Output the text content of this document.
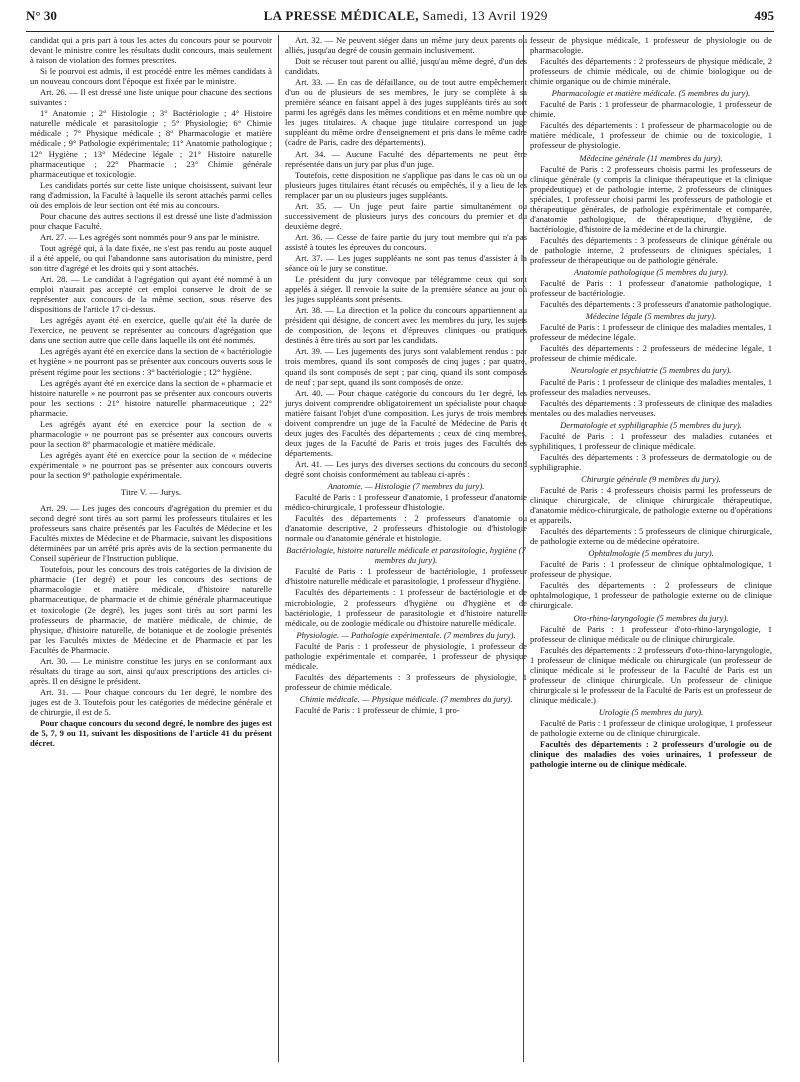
N° 30	LA PRESSE MÉDICALE, Samedi, 13 Avril 1929	495

candidat qui a pris part à tous les actes du concours pour se pourvoir devant le ministre contre les résultats dudit concours, mais seulement à raison de violation des formes prescrites.

Si le pourvoi est admis, il est procédé entre les mêmes candidats à un nouveau concours dont l'époque est fixée par le ministre.

Art. 26. — Il est dressé une liste unique pour chacune des sections suivantes :

1° Anatomie ; 2° Histologie ; 3° Bactériologie ; 4° Histoire naturelle médicale et parasitologie ; 5° Physiologie; 6° Chimie médicale ; 7° Physique médicale ; 8° Pharmacologie et matière médicale ; 9° Pathologie expérimentale; 11° Anatomie pathologique ; 12° Hygiène ; 13° Médecine légale ; 21° Histoire naturelle pharmaceutique ; 22° Pharmacie ; 23° Chimie générale pharmaceutique et toxicologie.

Les candidats portés sur cette liste unique choisissent, suivant leur rang d'admission, la Faculté à laquelle ils seront attachés parmi celles où des emplois de leur section ont été mis au concours.

Pour chacune des autres sections il est dressé une liste d'admission pour chaque Faculté.

Art. 27. — Les agrégés sont nommés pour 9 ans par le ministre.

Tout agrégé qui, à la date fixée, ne s'est pas rendu au poste auquel il a été appelé, ou qui l'abandonne sans autorisation du ministre, perd son titre d'agrégé et les droits qui y sont attachés.

Art. 28. — Le candidat à l'agrégation qui ayant été nommé à un emploi n'aurait pas accepté cet emploi conserve le droit de se représenter aux concours de la même section, sous réserve des dispositions de l'article 17 ci-dessus.

Les agrégés ayant été en exercice, quelle qu'ait été la durée de l'exercice, ne peuvent se représenter au concours d'agrégation que dans une section autre que celle dans laquelle ils ont été nommés.

Les agrégés ayant été en exercice dans la section de « bactériologie et hygiène » ne pourront pas se présenter aux concours ouverts sous le présent régime pour les sections : 3° bactériologie ; 12° hygiène.

Les agrégés ayant été en exercice dans la section de « pharmacie et histoire naturelle » ne pourront pas se présenter aux concours ouverts pour les sections : 21° histoire naturelle pharmaceutique ; 22° pharmacie.

Les agrégés ayant été en exercice pour la section de « pharmacologie » ne pourront pas se présenter aux concours ouverts pour la section 8° pharmacologie et matière médicale.

Les agrégés ayant été en exercice pour la section de « médecine expérimentale » ne pourront pas se présenter aux concours ouverts pour la section 9° pathologie expérimentale.

Titre V. — Jurys.

Art. 29. — Les juges des concours d'agrégation du premier et du second degré sont tirés au sort parmi les professeurs titulaires et les professeurs sans chaire présentés par les Facultés de Médecine et les Facultés mixtes de Médecine et de Pharmacie, suivant les dispositions déterminées par un arrêté pris après avis de la section permanente du Conseil supérieur de l'Instruction publique.

Toutefois, pour les concours des trois catégories de la division de pharmacie (1er degré) et pour les concours des sections de pharmacologie et matière médicale, d'histoire naturelle pharmaceutique, de pharmacie et de chimie générale pharmaceutique et toxicologie (2e degré), les juges sont tirés au sort parmi les professeurs de pharmacie, de matière médicale, de chimie, de physique, d'histoire naturelle, de botanique et de zoologie présentés par les Facultés mixtes de Médecine et de Pharmacie et par les Facultés de Pharmacie.

Art. 30. — Le ministre constitue les jurys en se conformant aux résultats du tirage au sort, ainsi qu'aux prescriptions des articles ci-après. Il en désigne le président.

Art. 31. — Pour chaque concours du 1er degré, le nombre des juges est de 3. Toutefois pour les catégories de médecine générale et de chirurgie, il est de 5.

Pour chaque concours du second degré, le nombre des juges est de 5, 7, 9 ou 11, suivant les dispositions de l'article 41 du présent décret.

Art. 32. — Ne peuvent siéger dans un même jury deux parents ou alliés, jusqu'au degré de cousin germain inclusivement.

Doit se récuser tout parent ou allié, jusqu'au même degré, d'un des candidats.

Art. 33. — En cas de défaillance, ou de tout autre empêchement d'un ou de plusieurs de ses membres, le jury se complète à sa première séance en faisant appel à des juges suppléants tirés au sort parmi les agrégés dans les mêmes conditions et en même nombre que les juges titulaires. A chaque juge titulaire correspond un juge suppléant du même ordre d'enseignement et pris dans le même cadre (cadre de Paris, cadre des départements).

Art. 34. — Aucune Faculté des départements ne peut être représentée dans un jury par plus d'un juge.

Toutefois, cette disposition ne s'applique pas dans le cas où un ou plusieurs juges titulaires étant récusés ou empêchés, il y a lieu de les remplacer par un ou plusieurs juges suppléants.

Art. 35. — Un juge peut faire partie simultanément ou successivement de plusieurs jurys des concours du premier et du deuxième degré.

Art. 36. — Cesse de faire partie du jury tout membre qui n'a pas assisté à toutes les épreuves du concours.

Art. 37. — Les juges suppléants ne sont pas tenus d'assister à la séance où le jury se constitue.

Le président du jury convoque par télégramme ceux qui sont appelés à siéger. Il renvoie la suite de la première séance au jour où les juges suppléants sont présents.

Art. 38. — La direction et la police du concours appartiennent au président qui désigne, de concert avec les membres du jury, les sujets de composition, de leçons et d'épreuves cliniques ou pratiques destinés à être tirés au sort par les candidats.

Art. 39. — Les jugements des jurys sont valablement rendus : par trois membres, quand ils sont composés de cinq juges ; par quatre, quand ils sont composés de sept ; par cinq, quand ils sont composés de neuf ; par sept, quand ils sont composés de onze.

Art. 40. — Pour chaque catégorie du concours du 1er degré, les jurys doivent comprendre obligatoirement un spécialiste pour chaque matière faisant l'objet d'une composition. Les jurys de trois membres doivent comprendre un juge de la Faculté de Médecine de Paris et deux juges des Facultés des départements ; ceux de cinq membres, deux juges de la Faculté de Paris et trois juges des Facultés des départements.

Art. 41. — Les jurys des diverses sections du concours du second degré sont choisis conformément au tableau ci-après :

Anatomie. — Histologie (7 membres du jury).

Faculté de Paris : 1 professeur d'anatomie, 1 professeur d'anatomie médico-chirurgicale, 1 professeur d'histologie.

Facultés des départements : 2 professeurs d'anatomie ou d'anatomie descriptive, 2 professeurs d'histologie ou d'histologie normale ou d'anatomie générale et histologie.

Bactériologie, histoire naturelle médicale et parasitologie, hygiène (7 membres du jury).

Faculté de Paris : 1 professeur de bactériologie, 1 professeur d'histoire naturelle médicale et parasitologie, 1 professeur d'hygiène.

Facultés des départements : 1 professeur de bactériologie et de microbiologie, 2 professeurs d'hygiène ou d'hygiène et de bactériologie, 1 professeur de parasitologie et d'histoire naturelle médicale, ou de zoologie médicale ou d'histoire naturelle médicale.

Physiologie. — Pathologie expérimentale. (7 membres du jury).

Faculté de Paris : 1 professeur de physiologie, 1 professeur de pathologie expérimentale et comparée, 1 professeur de physique médicale.

Facultés des départements : 3 professeurs de physiologie, 1 professeur de chimie médicale.

Chimie médicale. — Physique médicale. (7 membres du jury).

Faculté de Paris : 1 professeur de chimie, 1 pro-

fesseur de physique médicale, 1 professeur de physiologie ou de pharmacologie.

Facultés des départements : 2 professeurs de physique médicale, 2 professeurs de chimie médicale, ou de chimie biologique ou de chimie organique ou de chimie minérale.

Pharmacologie et matière médicale. (5 membres du jury).

Faculté de Paris : 1 professeur de pharmacologie, 1 professeur de chimie.

Facultés des départements : 1 professeur de pharmacologie ou de matière médicale, 1 professeur de chimie ou de toxicologie, 1 professeur de physiologie.

Médecine générale (11 membres du jury).

Faculté de Paris : 2 professeurs choisis parmi les professeurs de clinique générale (y compris la clinique thérapeutique et la clinique propédeutique) et de pathologie interne, 2 professeurs de cliniques spéciales, 1 professeur choisi parmi les professeurs de pathologie et thérapeutique générales, de pathologie expérimentale et comparée, d'anatomie pathologique, de thérapeutique, d'hygiène, de bactériologie, d'histoire de la médecine et de la chirurgie.

Facultés des départements : 3 professeurs de clinique générale ou de pathologie interne, 2 professeurs de cliniques spéciales, 1 professeur de thérapeutique ou de pathologie générale.

Anatomie pathologique (5 membres du jury).

Faculté de Paris : 1 professeur d'anatomie pathologique, 1 professeur de bactériologie.

Facultés des départements : 3 professeurs d'anatomie pathologique.

Médecine légale (5 membres du jury).

Faculté de Paris : 1 professeur de clinique des maladies mentales, 1 professeur de médecine légale.

Facultés des départements : 2 professeurs de médecine légale, 1 professeur de chimie médicale.

Neurologie et psychiatrie (5 membres du jury).

Faculté de Paris : 1 professeur de clinique des maladies mentales, 1 professeur des maladies nerveuses.

Facultés des départements : 3 professeurs de clinique des maladies mentales ou des maladies nerveuses.

Dermatologie et syphiligraphie (5 membres du jury).

Faculté de Paris : 1 professeur des maladies cutanées et syphilitiques, 1 professeur de clinique médicale.

Facultés des départements : 3 professeurs de dermatologie ou de syphiligraphie.

Chirurgie générale (9 membres du jury).

Faculté de Paris : 4 professeurs choisis parmi les professeurs de clinique chirurgicale, de clinique chirurgicale thérapeutique, d'anatomie médico-chirurgicale, de pathologie externe ou d'opérations et appareils.

Facultés des départements : 5 professeurs de clinique chirurgicale, de pathologie externe ou de médecine opératoire.

Ophtalmologie (5 membres du jury).

Faculté de Paris : 1 professeur de clinique ophtalmologique, 1 professeur de physique.

Facultés des départements : 2 professeurs de clinique ophtalmologique, 1 professeur de pathologie externe ou de clinique chirurgicale.

Oto-rhino-laryngologie (5 membres du jury).

Faculté de Paris : 1 professeur d'oto-rhino-laryngologie, 1 professeur de clinique médicale ou de clinique chirurgicale.

Facultés des départements : 2 professeurs d'oto-rhino-laryngologie, 1 professeur de clinique médicale ou chirurgicale (un professeur de clinique médicale si le professeur de la Faculté de Paris est un professeur de clinique chirurgicale. Un professeur de clinique chirurgicale si le professeur de la Faculté de Paris est un professeur de clinique médicale.)

Urologie (5 membres du jury).

Faculté de Paris : 1 professeur de clinique urologique, 1 professeur de pathologie externe ou de clinique chirurgicale.

Facultés des départements : 2 professeurs d'urologie ou de clinique des maladies des voies urinaires, 1 professeur de pathologie interne ou de clinique médicale.
